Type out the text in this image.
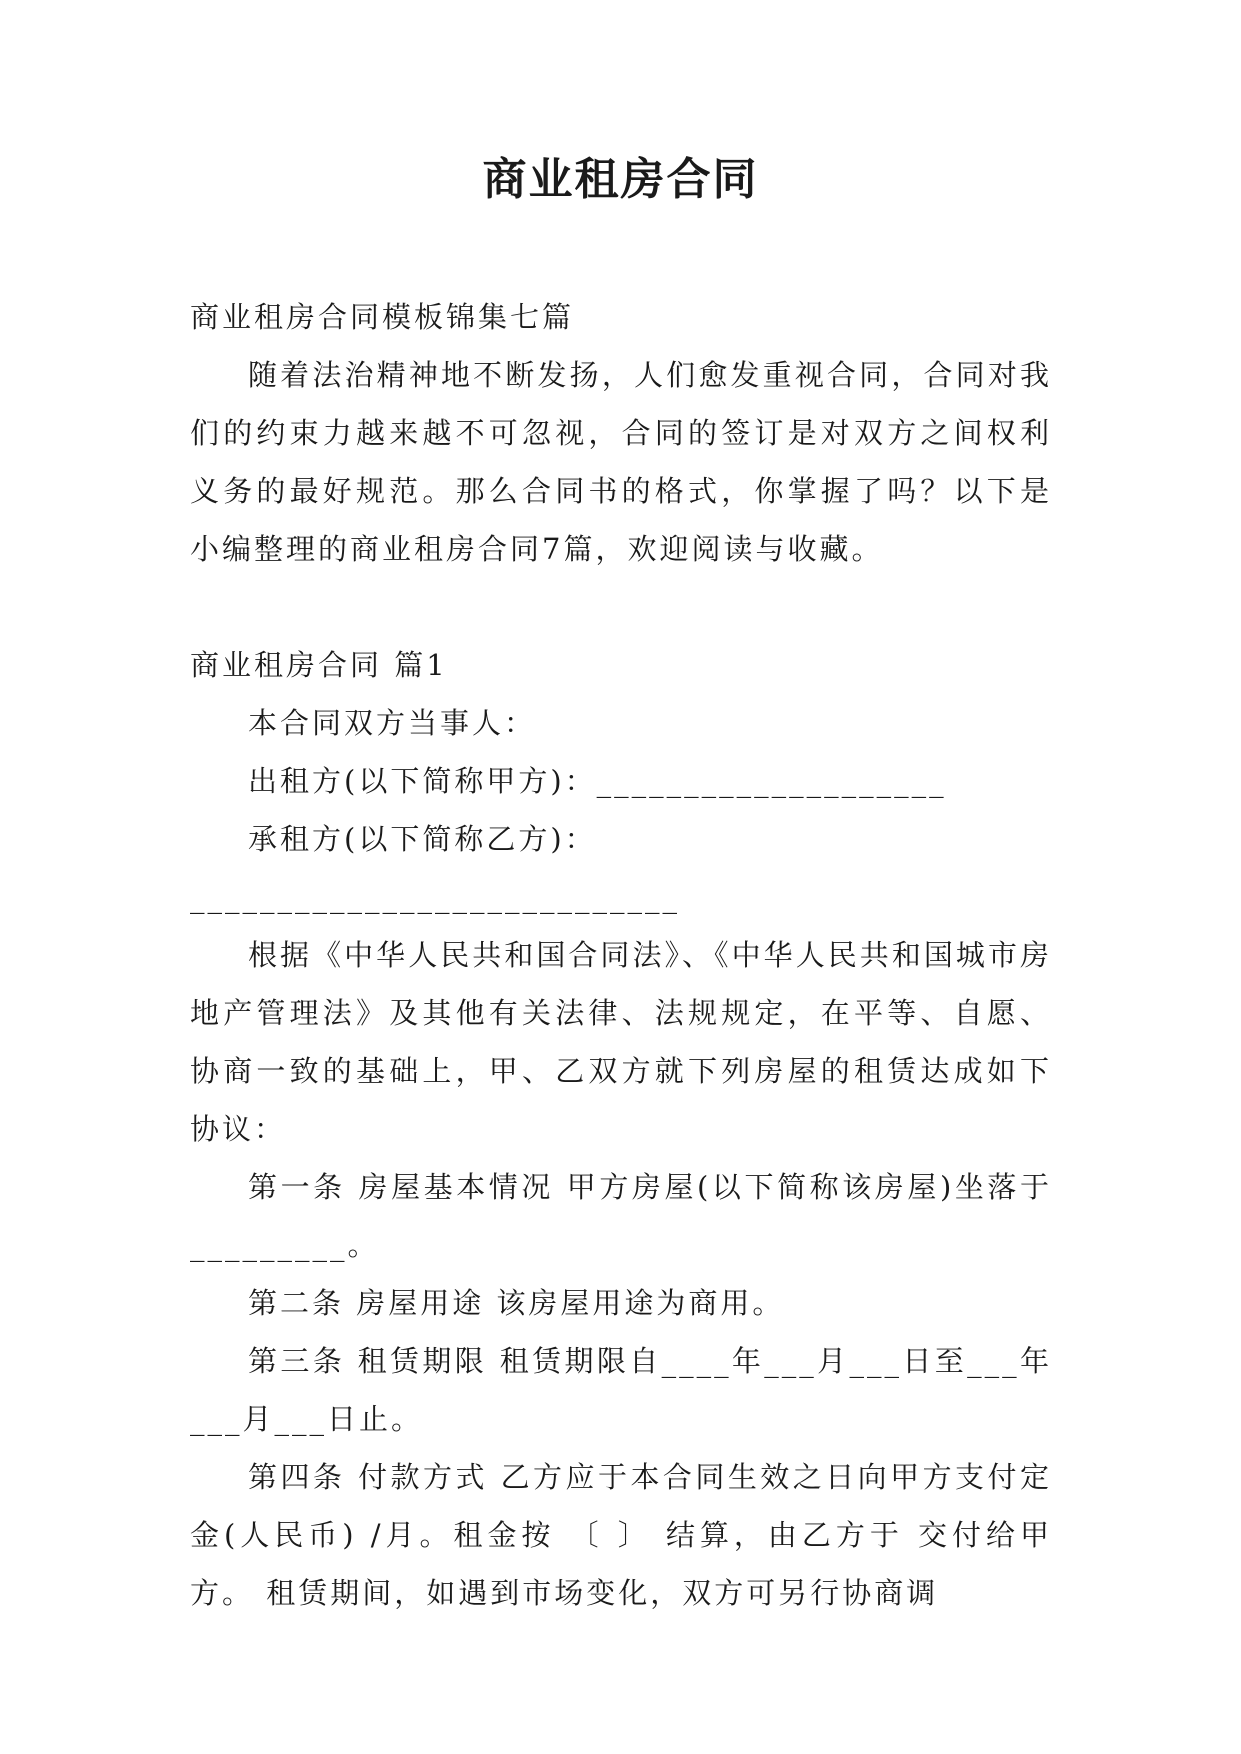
商业租房合同

商业租房合同模板锦集七篇

随着法治精神地不断发扬，人们愈发重视合同，合同对我们的约束力越来越不可忽视，合同的签订是对双方之间权利义务的最好规范。那么合同书的格式，你掌握了吗？以下是小编整理的商业租房合同7篇，欢迎阅读与收藏。

商业租房合同 篇1

本合同双方当事人：

出租方(以下简称甲方)：____________________

承租方(以下简称乙方)：____________________________

根据《中华人民共和国合同法》、《中华人民共和国城市房地产管理法》及其他有关法律、法规规定，在平等、自愿、协商一致的基础上，甲、乙双方就下列房屋的租赁达成如下协议：

第一条 房屋基本情况 甲方房屋(以下简称该房屋)坐落于_________。

第二条 房屋用途 该房屋用途为商用。

第三条 租赁期限 租赁期限自____年___月___日至___年___月___日止。

第四条 付款方式 乙方应于本合同生效之日向甲方支付定金(人民币) /月。租金按 〔 〕 结算，由乙方于 交付给甲方。 租赁期间，如遇到市场变化，双方可另行协商调
